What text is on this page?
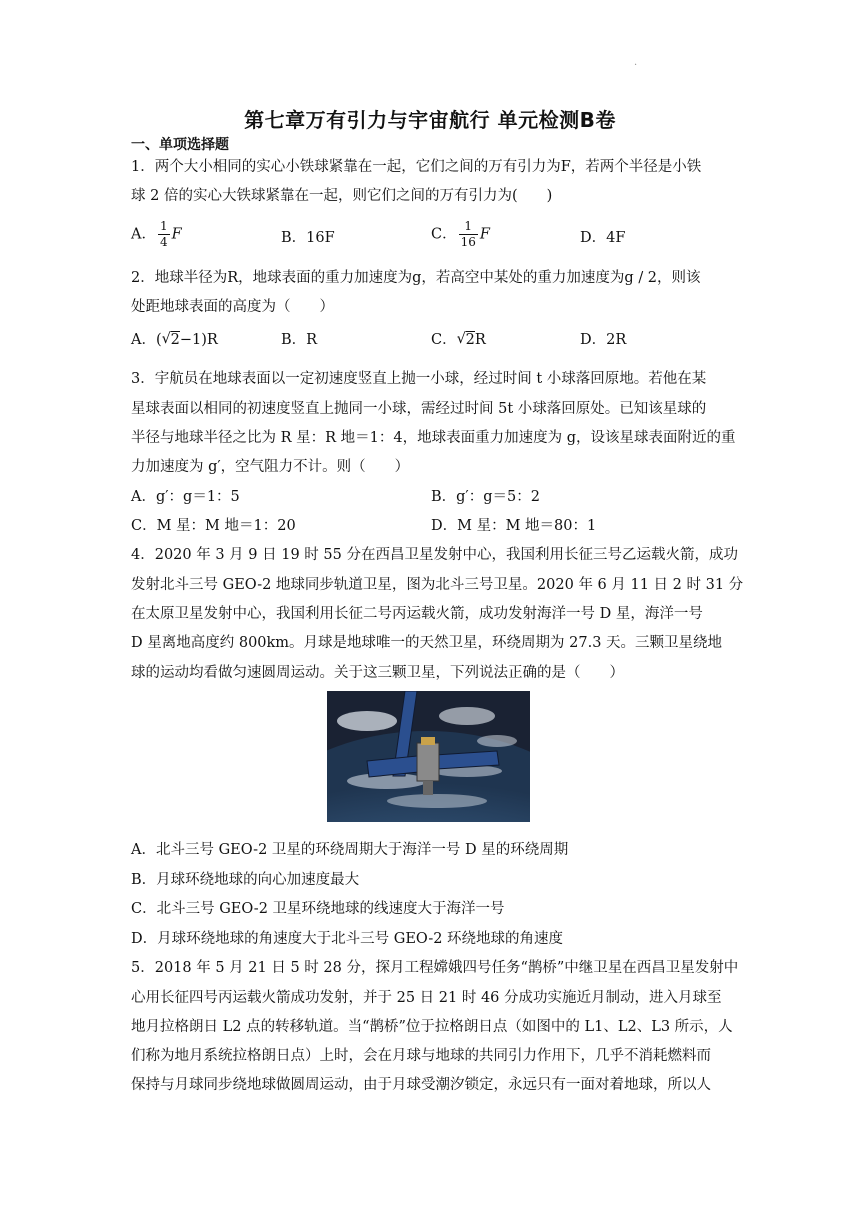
·
第七章万有引力与宇宙航行 单元检测B卷
一、单项选择题
1．两个大小相同的实心小铁球紧靠在一起，它们之间的万有引力为F，若两个半径是小铁
球 2 倍的实心大铁球紧靠在一起，则它们之间的万有引力为(　　)
A． $\frac{1}{4}$ F	B．16F	C． $\frac{1}{16}$ F	D．4F
2．地球半径为R，地球表面的重力加速度为g，若高空中某处的重力加速度为g / 2，则该
处距地球表面的高度为（　　）
A．( √ 2−1)R	B．R	C． √ 2R	D．2R
3．宇航员在地球表面以一定初速度竖直上抛一小球，经过时间 t 小球落回原地。若他在某
星球表面以相同的初速度竖直上抛同一小球，需经过时间 5t 小球落回原处。已知该星球的
半径与地球半径之比为 R 星：R 地＝1：4，地球表面重力加速度为 g，设该星球表面附近的重
力加速度为 g′，空气阻力不计。则（　　）
A．g′：g＝1：5	B．g′：g＝5：2
C．M 星：M 地＝1：20	D．M 星：M 地＝80：1
4．2020 年 3 月 9 日 19 时 55 分在西昌卫星发射中心，我国利用长征三号乙运载火箭，成功
发射北斗三号 GEO-2 地球同步轨道卫星，图为北斗三号卫星。2020 年 6 月 11 日 2 时 31 分
在太原卫星发射中心，我国利用长征二号丙运载火箭，成功发射海洋一号 D 星，海洋一号
D 星离地高度约 800km。月球是地球唯一的天然卫星，环绕周期为 27.3 天。三颗卫星绕地
球的运动均看做匀速圆周运动。关于这三颗卫星，下列说法正确的是（　　）
A．北斗三号 GEO-2 卫星的环绕周期大于海洋一号 D 星的环绕周期
B．月球环绕地球的向心加速度最大
C．北斗三号 GEO-2 卫星环绕地球的线速度大于海洋一号
D．月球环绕地球的角速度大于北斗三号 GEO-2 环绕地球的角速度
5．2018 年 5 月 21 日 5 时 28 分，探月工程嫦娥四号任务“鹊桥”中继卫星在西昌卫星发射中
心用长征四号丙运载火箭成功发射，并于 25 日 21 时 46 分成功实施近月制动，进入月球至
地月拉格朗日 L2 点的转移轨道。当“鹊桥”位于拉格朗日点（如图中的 L1、L2、L3 所示，人
们称为地月系统拉格朗日点）上时，会在月球与地球的共同引力作用下，几乎不消耗燃料而
保持与月球同步绕地球做圆周运动，由于月球受潮汐锁定，永远只有一面对着地球，所以人
